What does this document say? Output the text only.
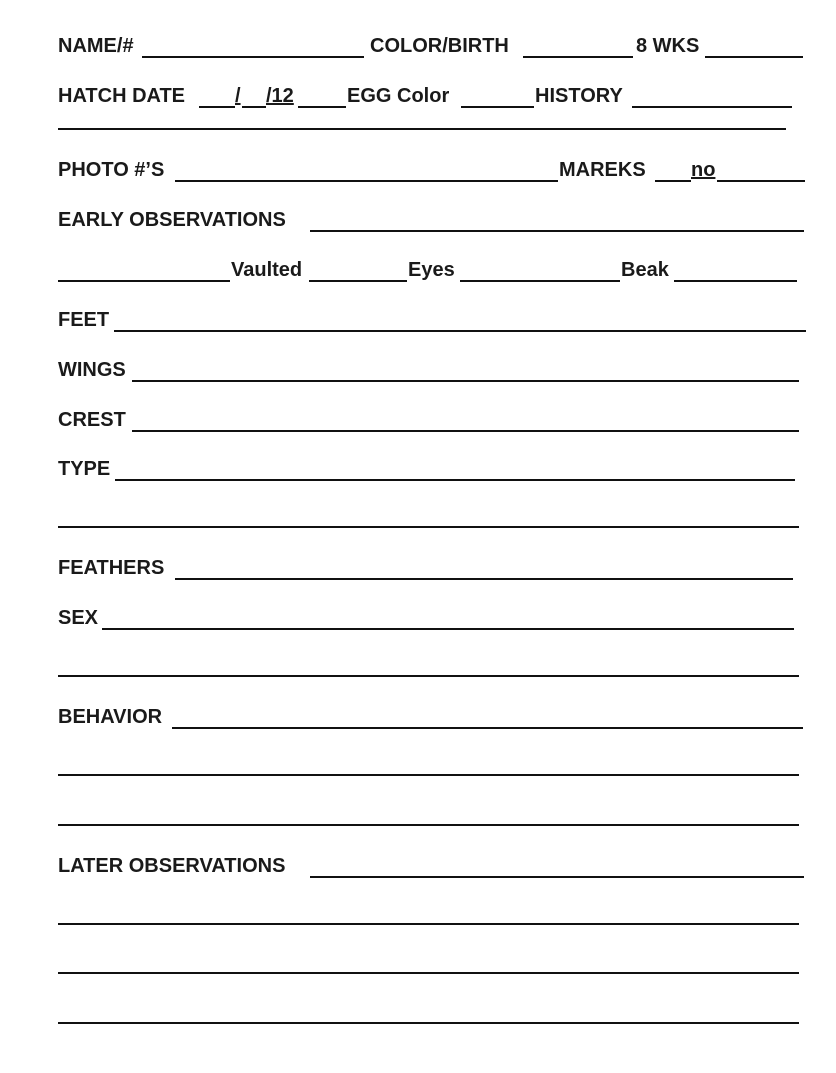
NAME/#	COLOR/BIRTH	8 WKS
HATCH DATE / /12	EGG Color	HISTORY
PHOTO #’S	MAREKS no
EARLY OBSERVATIONS
Vaulted	Eyes	Beak
FEET
WINGS
CREST
TYPE
FEATHERS
SEX
BEHAVIOR
LATER OBSERVATIONS
